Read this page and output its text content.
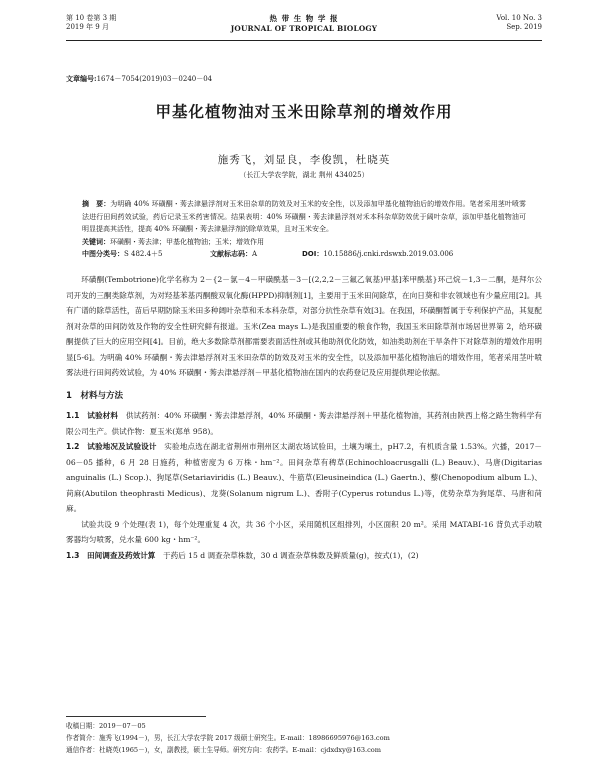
第 10 卷第 3 期
2019 年 9 月
热 带 生 物 学 报
JOURNAL OF TROPICAL BIOLOGY
Vol. 10 No. 3
Sep. 2019
文章编号:1674－7054(2019)03－0240－04
甲基化植物油对玉米田除草剂的增效作用
施秀飞，刘显良，李俊凯，杜晓英
（长江大学农学院，湖北 荆州 434025）
摘　要：为明确 40% 环磺酮・莠去津悬浮剂对玉米田杂草的防效及对玉米的安全性，以及添加甲基化植物油后的增效作用。笔者采用茎叶喷雾法进行田间药效试验，药后记录玉米药害情况。结果表明：40% 环磺酮・莠去津悬浮剂对禾本科杂草防效优于阔叶杂草，添加甲基化植物油可明显提高其活性，提高 40% 环磺酮・莠去津悬浮剂的除草效果，且对玉米安全。
关键词：环磺酮・莠去津；甲基化植物油；玉米；增效作用
中图分类号：S 482.4＋5	文献标志码：A	DOI：10.15886/j.cnki.rdswxb.2019.03.006

环磺酮(Tembotrione)化学名称为 2－{2－氯－4－甲磺酰基－3－[(2,2,2－三氟乙氧基)甲基]苯甲酰基}环己烷－1,3－二酮，是拜尔公司开发的三酮类除草剂，为对羟基苯基丙酮酸双氧化酶(HPPD)抑制剂[1]，主要用于玉米田间除草，在向日葵和非农领域也有少量应用[2]。具有广谱的除草活性，苗后早期防除玉米田多种阔叶杂草和禾本科杂草，对部分抗性杂草有效[3]。在我国，环磺酮暂属于专利保护产品，其复配剂对杂草的田间防效及作物的安全性研究鲜有报道。玉米(Zea mays L.)是我国重要的粮食作物，我国玉米田除草剂市场居世界第 2，给环磺酮提供了巨大的应用空间[4]。目前，绝大多数除草剂都需要表面活性剂或其他助剂优化防效，如油类助剂在干旱条件下对除草剂的增效作用明显[5-6]。为明确 40% 环磺酮・莠去津悬浮剂对玉米田杂草的防效及对玉米的安全性，以及添加甲基化植物油后的增效作用，笔者采用茎叶喷雾法进行田间药效试验，为 40% 环磺酮・莠去津悬浮剂－甲基化植物油在国内的农药登记及应用提供理论依据。

1　 材料与方法

1.1　试验材料　 供试药剂：40% 环磺酮・莠去津悬浮剂，40% 环磺酮・莠去津悬浮剂＋甲基化植物油，其药剂由陕西上格之路生物科学有限公司生产。供试作物：夏玉米(郑单 958)。

1.2　试验地况及试验设计　 实验地点选在湖北省荆州市荆州区太湖农场试验田，土壤为壤土，pH7.2，有机质含量 1.53%。穴播，2017－06－05 播种，6 月 28 日施药，种植密度为 6 万株・hm⁻²。田间杂草有稗草(Echinochloacrusgalli (L.) Beauv.)、马唐(Digitarias anguinalis (L.) Scop.)、狗尾草(Setariaviridis (L.) Beauv.)、牛筋草(Eleusineindica (L.) Gaertn.)、藜(Chenopodium album L.)、苘麻(Abutilon theophrasti Medicus)、龙葵(Solanum nigrum L.)、香附子(Cyperus rotundus L.)等，优势杂草为狗尾草、马唐和苘麻。

试验共设 9 个处理(表 1)，每个处理重复 4 次，共 36 个小区，采用随机区组排列，小区面积 20 m²。采用 MATABI-16 背负式手动喷雾器均匀喷雾，兑水量 600 kg・hm⁻²。

1.3　田间调查及药效计算　 于药后 15 d 调查杂草株数，30 d 调查杂草株数及鲜质量(g)，按式(1)，(2)

收稿日期：2019－07－05
作者简介：施秀飞(1994－)，男，长江大学农学院 2017 级硕士研究生。E-mail：18986695976@163.com
通信作者：杜晓英(1965－)，女，副教授，硕士生导师。研究方向：农药学。E-mail：cjdxdxy@163.com
